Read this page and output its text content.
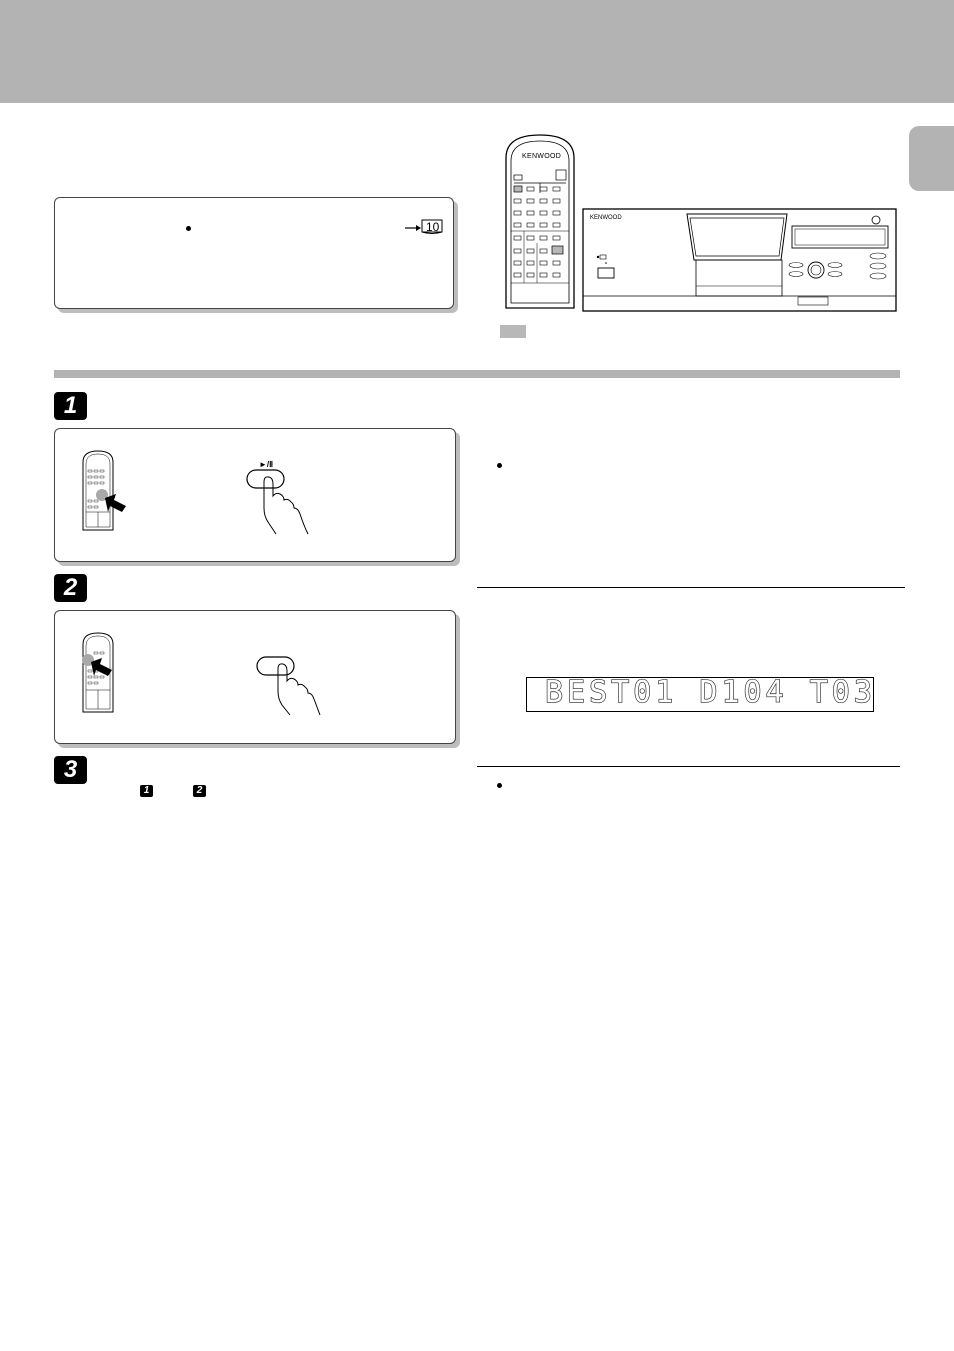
10
KENWOOD
KENWOOD
1
►/Ⅱ
2
3
1	2
BEST01 D104 T03
